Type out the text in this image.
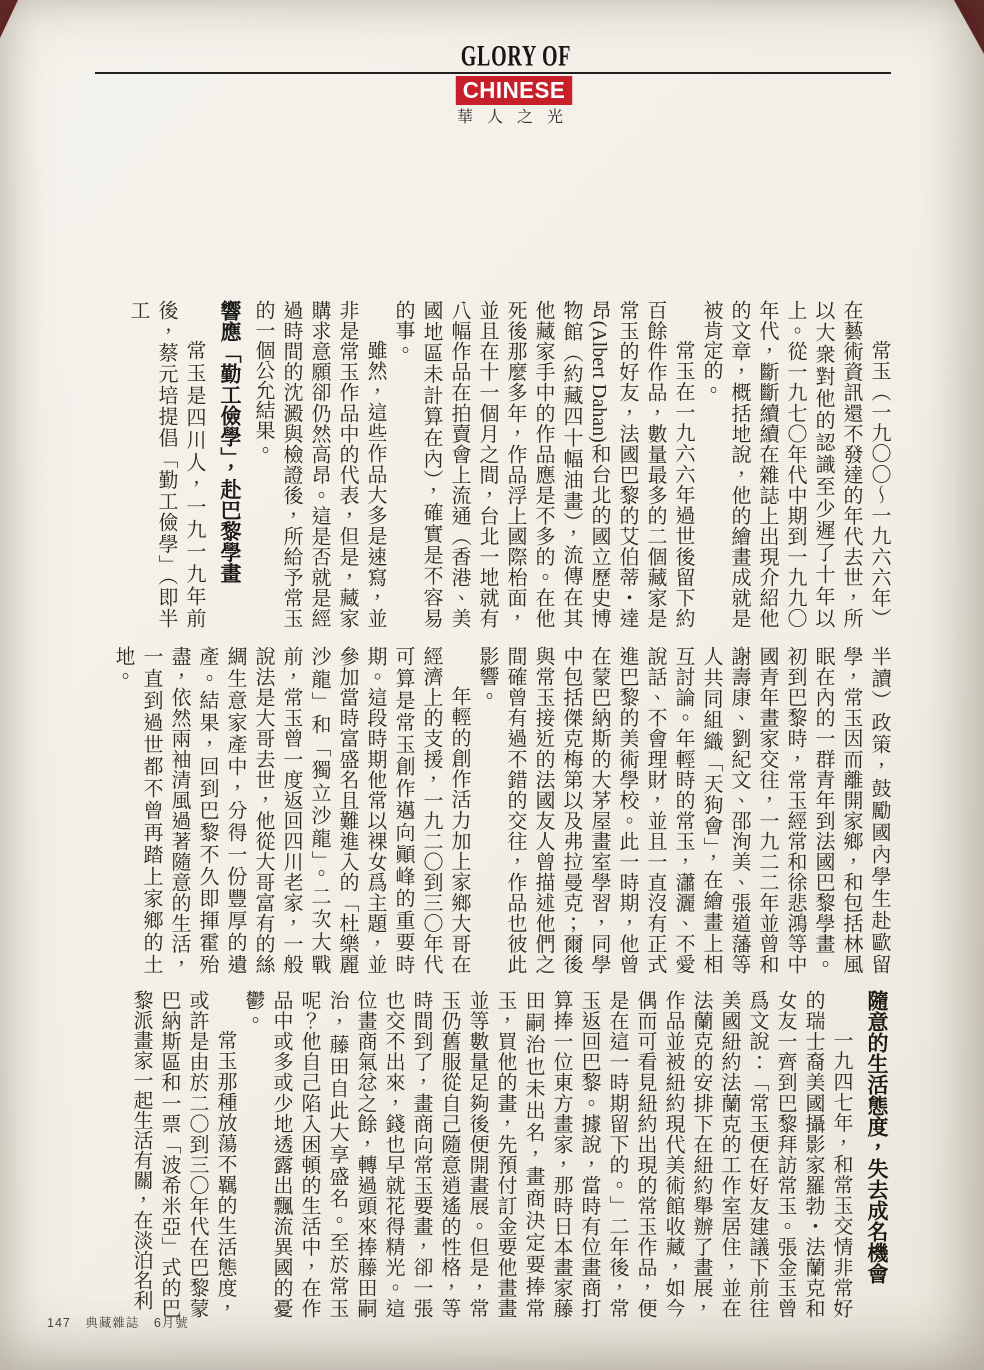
GLORY OF
CHINESE
華人之光

常玉（一九〇〇～一九六六年）在藝術資訊還不發達的年代去世，所以大衆對他的認識至少遲了十年以上。從一九七〇年代中期到一九九〇年代，斷斷續續在雜誌上出現介紹他的文章，概括地說，他的繪畫成就是被肯定的。

常玉在一九六六年過世後留下約百餘件作品，數量最多的二個藏家是常玉的好友，法國巴黎的艾伯蒂・達昂(Albert Dahan)和台北的國立歷史博物館（約藏四十幅油畫），流傳在其他藏家手中的作品應是不多的。在他死後那麼多年，作品浮上國際枱面，並且在十一個月之間，台北一地就有八幅作品在拍賣會上流通（香港、美國地區未計算在內），確實是不容易的事。

雖然，這些作品大多是速寫，並非是常玉作品中的代表，但是，藏家購求意願卻仍然高昂。這是否就是經過時間的沈澱與檢證後，所給予常玉的一個公允結果。

響應「勤工儉學」，赴巴黎學畫

常玉是四川人，一九一九年前後，蔡元培提倡「勤工儉學」（即半工

半讀）政策，鼓勵國內學生赴歐留學，常玉因而離開家鄉，和包括林風眠在內的一群青年到法國巴黎學畫。初到巴黎時，常玉經常和徐悲鴻等中國青年畫家交往，一九二二年並曾和謝壽康、劉紀文、邵洵美、張道藩等人共同組織「天狗會」，在繪畫上相互討論。年輕時的常玉，瀟灑、不愛說話、不會理財，並且一直沒有正式進巴黎的美術學校。此一時期，他曾在蒙巴納斯的大茅屋畫室學習，同學中包括傑克梅第以及弗拉曼克；爾後與常玉接近的法國友人曾描述他們之間確曾有過不錯的交往，作品也彼此影響。

年輕的創作活力加上家鄉大哥在經濟上的支援，一九二〇到三〇年代可算是常玉創作邁向顚峰的重要時期。這段時期他常以裸女爲主題，並參加當時富盛名且難進入的「杜樂麗沙龍」和「獨立沙龍」。二次大戰前，常玉曾一度返回四川老家，一般說法是大哥去世，他從大哥富有的絲綢生意家產中，分得一份豐厚的遺產。結果，回到巴黎不久即揮霍殆盡，依然兩袖清風過著隨意的生活，一直到過世都不曾再踏上家鄉的土地。

隨意的生活態度，失去成名機會

一九四七年，和常玉交情非常好的瑞士裔美國攝影家羅勃・法蘭克和女友一齊到巴黎拜訪常玉。張金玉曾爲文說：「常玉便在好友建議下前往美國紐約法蘭克的工作室居住，並在法蘭克的安排下在紐約舉辦了畫展，作品並被紐約現代美術館收藏，如今偶而可看見紐約出現的常玉作品，便是在這一時期留下的。」二年後，常玉返回巴黎。據說，當時有位畫商打算捧一位東方畫家，那時日本畫家藤田嗣治也未出名，畫商決定要捧常玉，買他的畫，先預付訂金要他畫畫並等數量足夠後便開畫展。但是，常玉仍舊服從自己隨意逍遙的性格，等時間到了，畫商向常玉要畫，卻一張也交不出來，錢也早就花得精光。這位畫商氣忿之餘，轉過頭來捧藤田嗣治，藤田自此大享盛名。至於常玉呢？他自己陷入困頓的生活中，在作品中或多或少地透露出飄流異國的憂鬱。

常玉那種放蕩不羈的生活態度，或許是由於二〇到三〇年代在巴黎蒙巴納斯區和一票「波希米亞」式的巴黎派畫家一起生活有關，在淡泊名利

147 典藏雜誌 6月號
